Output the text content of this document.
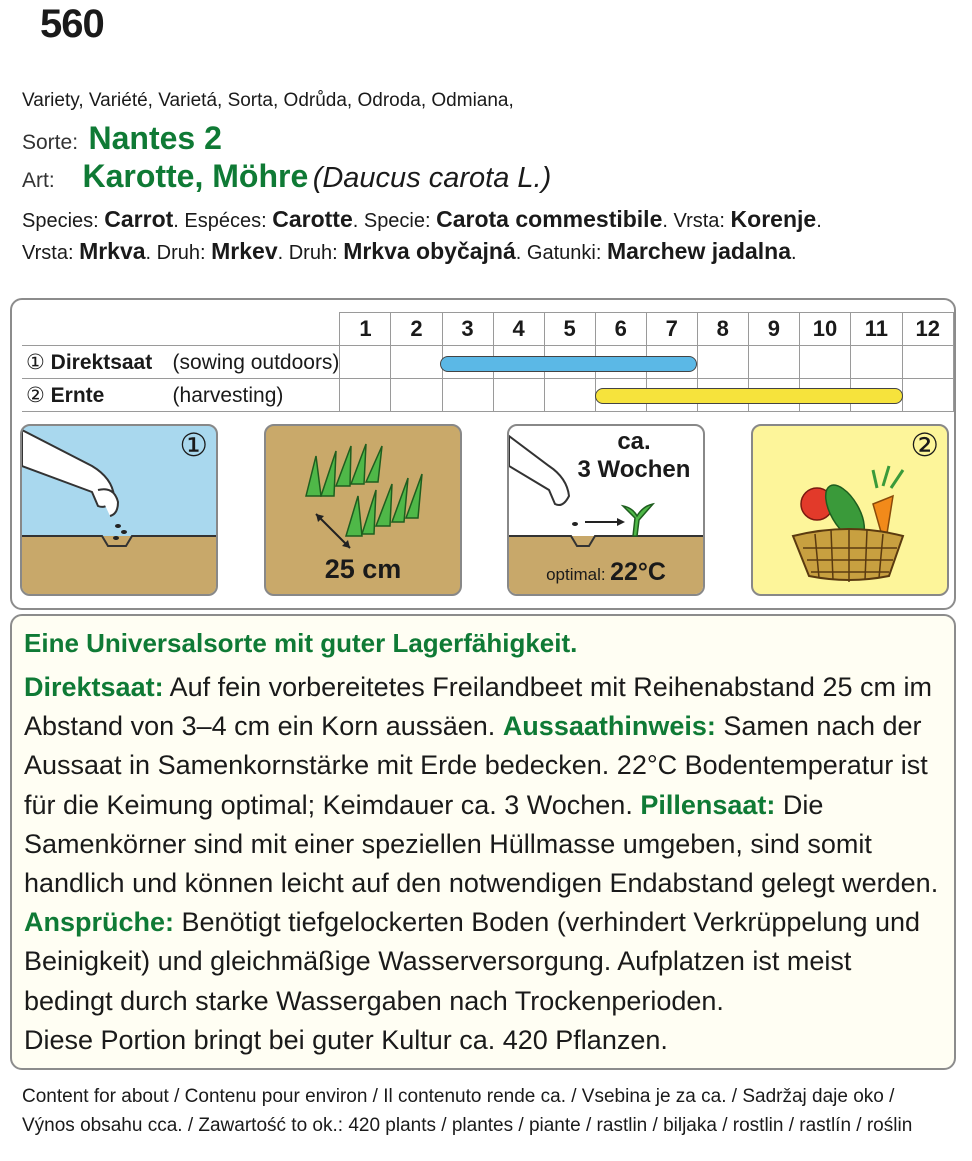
560
Variety, Variété, Varietá, Sorta, Odrůda, Odroda, Odmiana,
Sorte: Nantes 2
Art: Karotte, Möhre (Daucus carota L.)
Species: Carrot. Espéces: Carotte. Specie: Carota commestibile. Vrsta: Korenje.
Vrsta: Mrkva. Druh: Mrkev. Druh: Mrkva obyčajná. Gatunki: Marchew jadalna.
	1	2	3	4	5	6	7	8	9	10	11	12
① Direktsaat (sowing outdoors)												
② Ernte (harvesting)												
①
25 cm
ca.
3 Wochen
optimal: 22°C
②
Eine Universalsorte mit guter Lagerfähigkeit.

Direktsaat: Auf fein vorbereitetes Freilandbeet mit Reihenabstand 25 cm im Abstand von 3–4 cm ein Korn aussäen. Aussaathinweis: Samen nach der Aussaat in Samenkornstärke mit Erde bedecken. 22°C Bodentemperatur ist für die Keimung optimal; Keimdauer ca. 3 Wochen. Pillensaat: Die Samenkörner sind mit einer speziellen Hüllmasse umgeben, sind somit handlich und können leicht auf den notwendigen Endabstand gelegt werden.

Ansprüche: Benötigt tiefgelockerten Boden (verhindert Verkrüppelung und Beinigkeit) und gleichmäßige Wasserversorgung. Aufplatzen ist meist bedingt durch starke Wassergaben nach Trockenperioden.

Diese Portion bringt bei guter Kultur ca. 420 Pflanzen.

Content for about / Contenu pour environ / Il contenuto rende ca. / Vsebina je za ca. / Sadržaj daje oko /
Výnos obsahu cca. / Zawartość to ok.: 420 plants / plantes / piante / rastlin / biljaka / rostlin / rastlín / roślin
